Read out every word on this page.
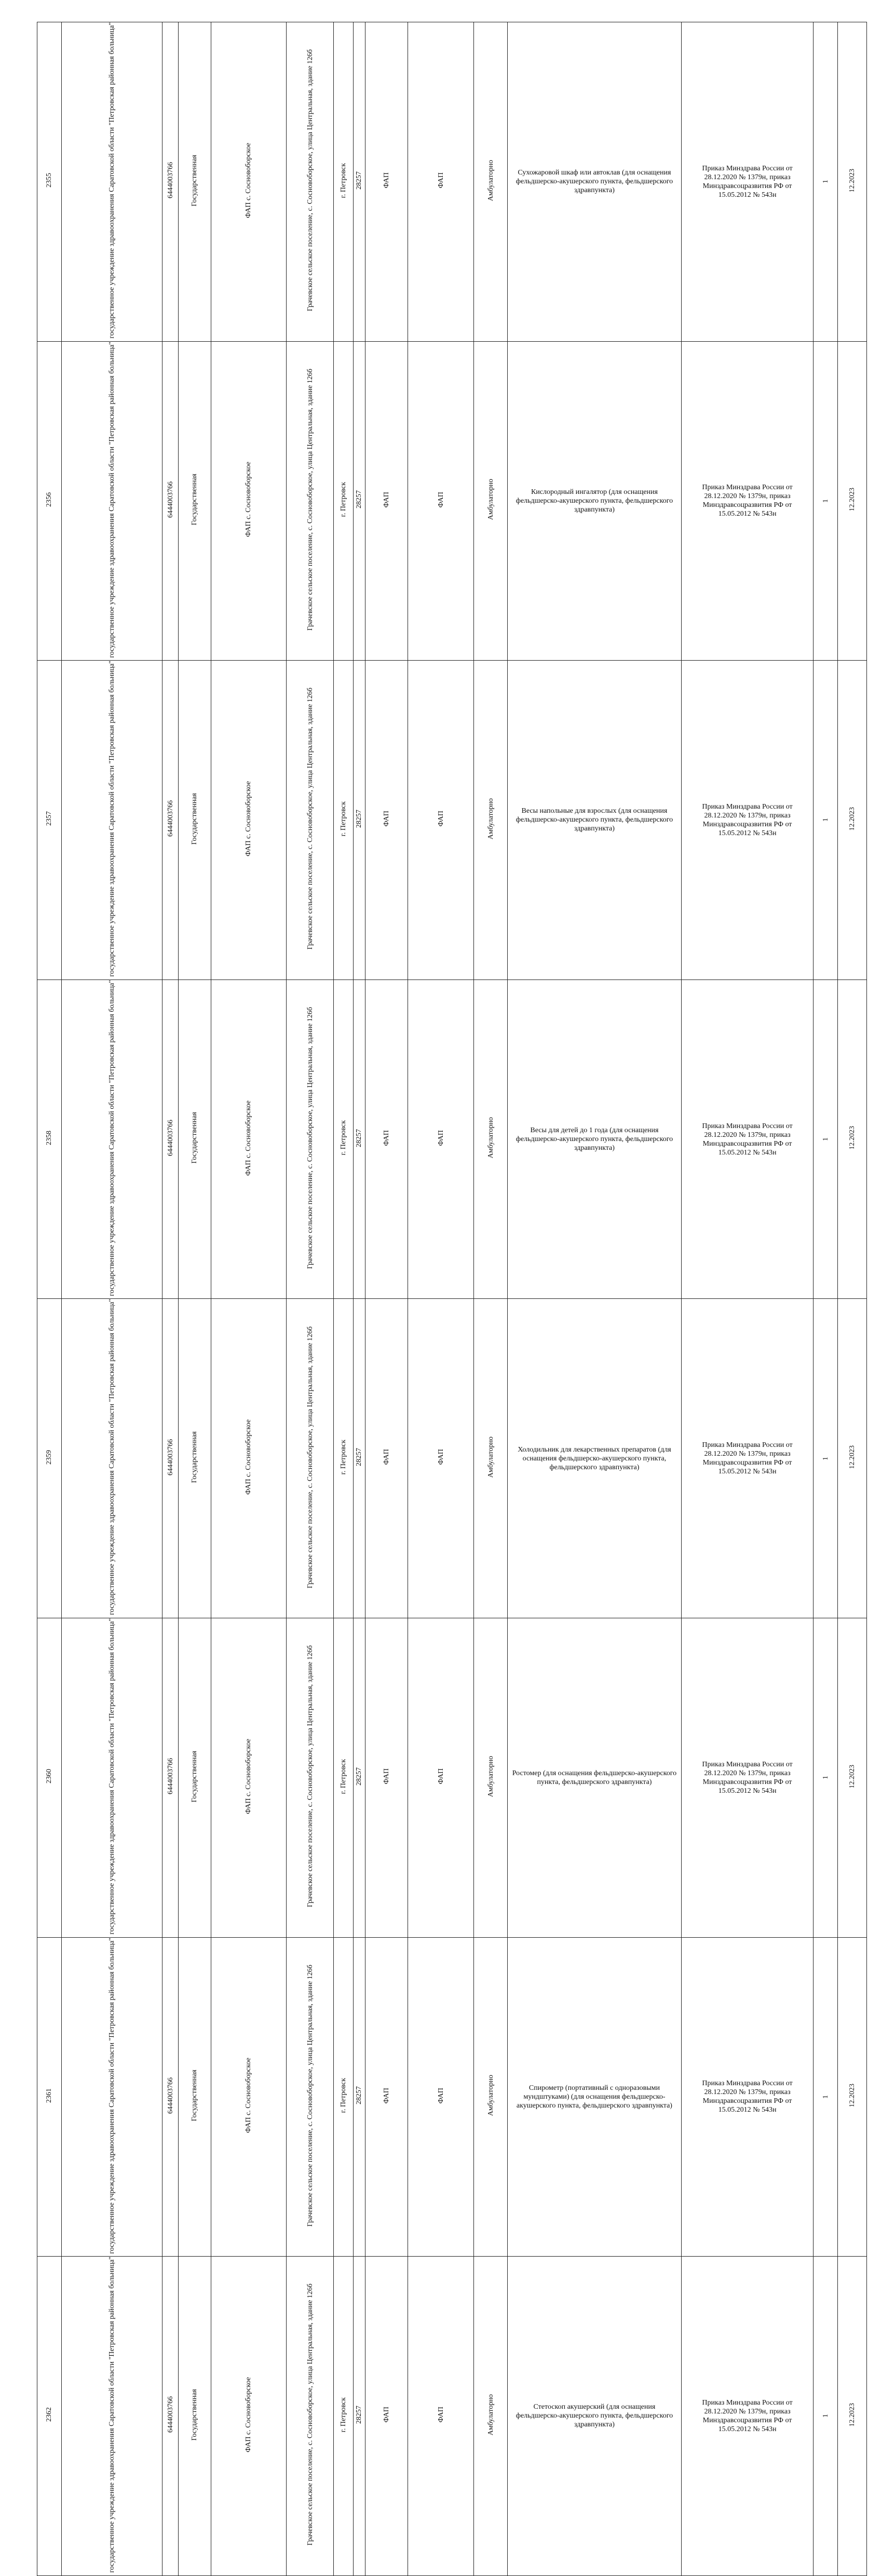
2355	государственное учреждение здравоохранения Саратовской области "Петровская районная больница"	6444003766	Государственная	ФАП с. Сосновоборское	Грачевское сельское поселение, с. Сосновоборское, улица Центральная, здание 126б	г. Петровск	28257	ФАП	ФАП	Амбулаторно	Сухожаровой шкаф или автоклав (для оснащения фельдшерско-акушерского пункта, фельдшерского здравпункта)	Приказ Минздрава России от 28.12.2020 № 1379н, приказ Минздравсоцразвития РФ от 15.05.2012 № 543н	1	12.2023
2356	государственное учреждение здравоохранения Саратовской области "Петровская районная больница"	6444003766	Государственная	ФАП с. Сосновоборское	Грачевское сельское поселение, с. Сосновоборское, улица Центральная, здание 126б	г. Петровск	28257	ФАП	ФАП	Амбулаторно	Кислородный ингалятор (для оснащения фельдшерско-акушерского пункта, фельдшерского здравпункта)	Приказ Минздрава России от 28.12.2020 № 1379н, приказ Минздравсоцразвития РФ от 15.05.2012 № 543н	1	12.2023
2357	государственное учреждение здравоохранения Саратовской области "Петровская районная больница"	6444003766	Государственная	ФАП с. Сосновоборское	Грачевское сельское поселение, с. Сосновоборское, улица Центральная, здание 126б	г. Петровск	28257	ФАП	ФАП	Амбулаторно	Весы напольные для взрослых (для оснащения фельдшерско-акушерского пункта, фельдшерского здравпункта)	Приказ Минздрава России от 28.12.2020 № 1379н, приказ Минздравсоцразвития РФ от 15.05.2012 № 543н	1	12.2023
2358	государственное учреждение здравоохранения Саратовской области "Петровская районная больница"	6444003766	Государственная	ФАП с. Сосновоборское	Грачевское сельское поселение, с. Сосновоборское, улица Центральная, здание 126б	г. Петровск	28257	ФАП	ФАП	Амбулаторно	Весы для детей до 1 года (для оснащения фельдшерско-акушерского пункта, фельдшерского здравпункта)	Приказ Минздрава России от 28.12.2020 № 1379н, приказ Минздравсоцразвития РФ от 15.05.2012 № 543н	1	12.2023
2359	государственное учреждение здравоохранения Саратовской области "Петровская районная больница"	6444003766	Государственная	ФАП с. Сосновоборское	Грачевское сельское поселение, с. Сосновоборское, улица Центральная, здание 126б	г. Петровск	28257	ФАП	ФАП	Амбулаторно	Холодильник для лекарственных препаратов (для оснащения фельдшерско-акушерского пункта, фельдшерского здравпункта)	Приказ Минздрава России от 28.12.2020 № 1379н, приказ Минздравсоцразвития РФ от 15.05.2012 № 543н	1	12.2023
2360	государственное учреждение здравоохранения Саратовской области "Петровская районная больница"	6444003766	Государственная	ФАП с. Сосновоборское	Грачевское сельское поселение, с. Сосновоборское, улица Центральная, здание 126б	г. Петровск	28257	ФАП	ФАП	Амбулаторно	Ростомер (для оснащения фельдшерско-акушерского пункта, фельдшерского здравпункта)	Приказ Минздрава России от 28.12.2020 № 1379н, приказ Минздравсоцразвития РФ от 15.05.2012 № 543н	1	12.2023
2361	государственное учреждение здравоохранения Саратовской области "Петровская районная больница"	6444003766	Государственная	ФАП с. Сосновоборское	Грачевское сельское поселение, с. Сосновоборское, улица Центральная, здание 126б	г. Петровск	28257	ФАП	ФАП	Амбулаторно	Спирометр (портативный с одноразовыми мундштуками) (для оснащения фельдшерско-акушерского пункта, фельдшерского здравпункта)	Приказ Минздрава России от 28.12.2020 № 1379н, приказ Минздравсоцразвития РФ от 15.05.2012 № 543н	1	12.2023
2362	государственное учреждение здравоохранения Саратовской области "Петровская районная больница"	6444003766	Государственная	ФАП с. Сосновоборское	Грачевское сельское поселение, с. Сосновоборское, улица Центральная, здание 126б	г. Петровск	28257	ФАП	ФАП	Амбулаторно	Стетоскоп акушерский (для оснащения фельдшерско-акушерского пункта, фельдшерского здравпункта)	Приказ Минздрава России от 28.12.2020 № 1379н, приказ Минздравсоцразвития РФ от 15.05.2012 № 543н	1	12.2023
